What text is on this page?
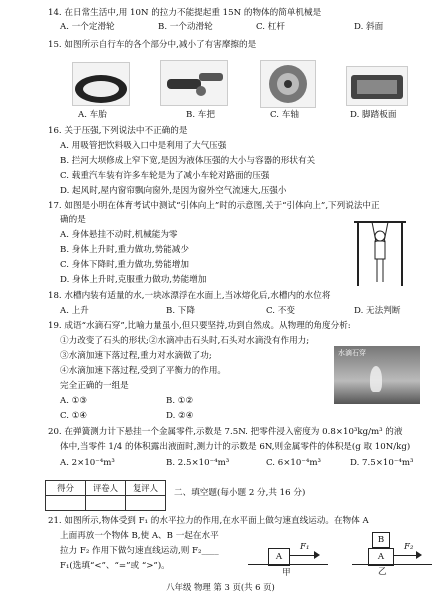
14. 在日常生活中,用 10N 的拉力不能提起重 15N 的物体的简单机械是
A. 一个定滑轮	B. 一个动滑轮	C. 杠杆	D. 斜面
15. 如图所示自行车的各个部分中,减小了有害摩擦的是
A. 车胎	B. 车把	C. 车轴	D. 脚踏板面
16. 关于压强,下列说法中不正确的是
A. 用吸管把饮料吸入口中是利用了大气压强
B. 拦河大坝修成上窄下宽,是因为液体压强的大小与容器的形状有关
C. 载重汽车装有许多车轮是为了减小车轮对路面的压强
D. 起风时,屋内窗帘飘向窗外,是因为窗外空气流速大,压强小
17. 如图是小明在体育考试中测试“引体向上”时的示意图,关于“引体向上”,下列说法中正
确的是
A. 身体悬挂不动时,机械能为零
B. 身体上升时,重力做功,势能减少
C. 身体下降时,重力做功,势能增加
D. 身体上升时,克服重力做功,势能增加
18. 水槽内装有适量的水,一块冰漂浮在水面上,当冰熔化后,水槽内的水位将
A. 上升	B. 下降	C. 不变	D. 无法判断
19. 成语“水滴石穿”,比喻力量虽小,但只要坚持,功到自然成。从物理的角度分析:
①力改变了石头的形状;②水滴冲击石头时,石头对水滴没有作用力;
③水滴加速下落过程,重力对水滴做了功;
④水滴加速下落过程,受到了平衡力的作用。
完全正确的一组是
A. ①③	B. ①②
C. ①④	D. ②④
水滴石穿
20. 在弹簧测力计下悬挂一个金属零件,示数是 7.5N. 把零件浸入密度为 0.8×10³kg/m³ 的液
体中,当零件 1/4 的体积露出液面时,测力计的示数是 6N,则金属零件的体积是(g 取 10N/kg)
A. 2×10⁻⁴m³	B. 2.5×10⁻⁴m³	C. 6×10⁻⁴m³	D. 7.5×10⁻⁴m³
得分	评卷人	复评人

二、填空题(每小题 2 分,共 16 分)
21. 如图所示,物体受到 F₁ 的水平拉力的作用,在水平面上做匀速直线运动。在物体 A
上面再放一个物体 B,使 A、B 一起在水平
拉力 F₂ 作用下做匀速直线运动,则 F₂____
F₁(选填“<”、“=”或 “>”)。
A
F₁
甲
B
A
F₂
乙
八年级 物理 第 3 页(共 6 页)
